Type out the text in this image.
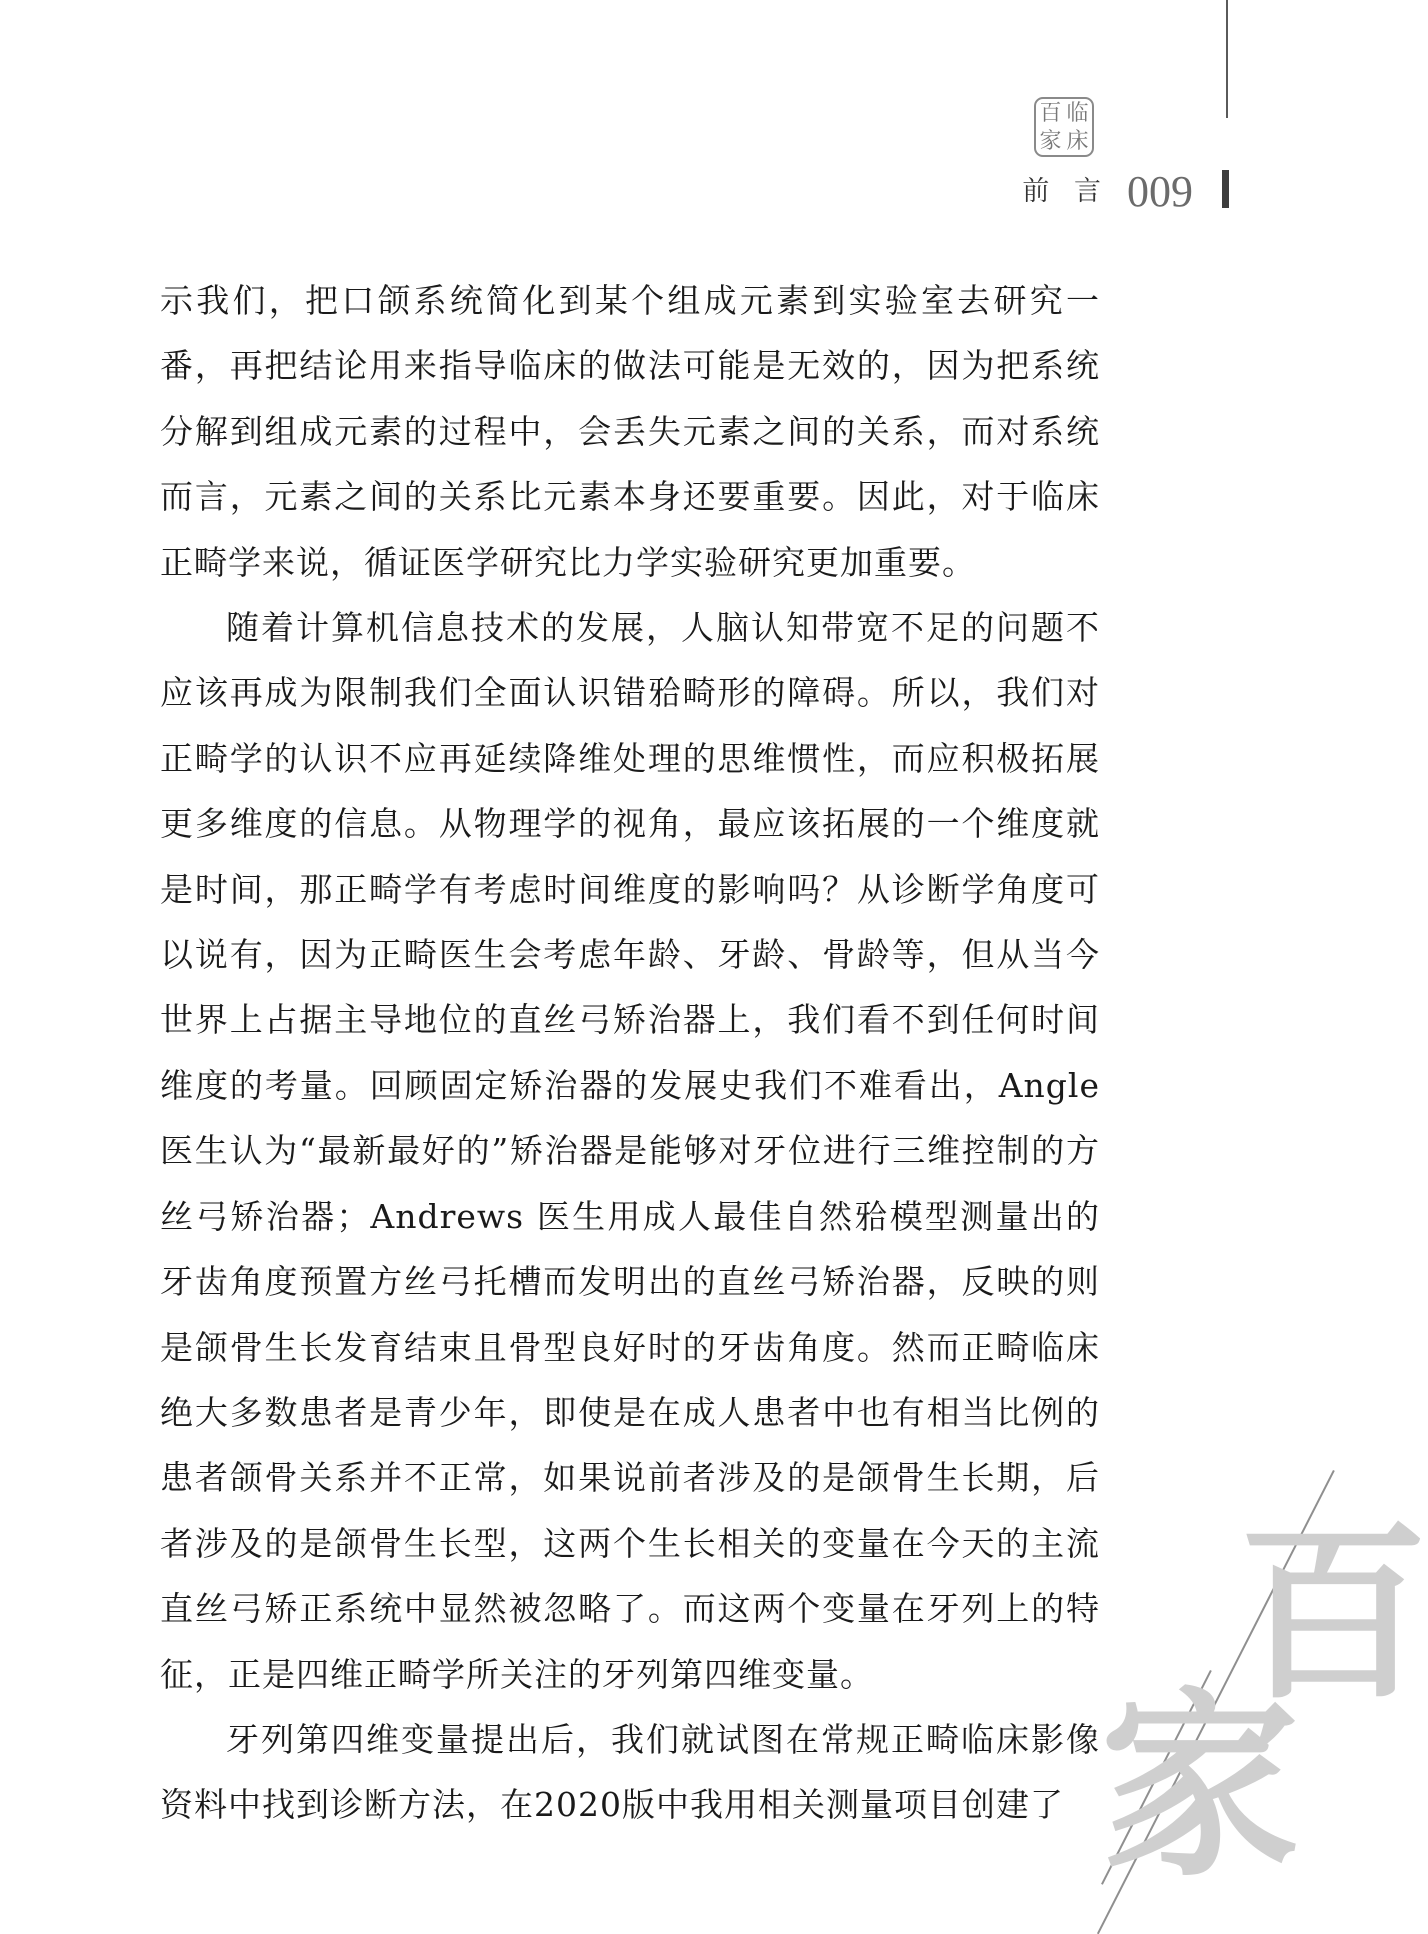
百 临
家 床
前 言 009

示我们，把口颌系统简化到某个组成元素到实验室去研究一番，再把结论用来指导临床的做法可能是无效的，因为把系统分解到组成元素的过程中，会丢失元素之间的关系，而对系统而言，元素之间的关系比元素本身还要重要。因此，对于临床正畸学来说，循证医学研究比力学实验研究更加重要。

随着计算机信息技术的发展，人脑认知带宽不足的问题不应该再成为限制我们全面认识错𬌗畸形的障碍。所以，我们对正畸学的认识不应再延续降维处理的思维惯性，而应积极拓展更多维度的信息。从物理学的视角，最应该拓展的一个维度就是时间，那正畸学有考虑时间维度的影响吗？从诊断学角度可以说有，因为正畸医生会考虑年龄、牙龄、骨龄等，但从当今世界上占据主导地位的直丝弓矫治器上，我们看不到任何时间维度的考量。回顾固定矫治器的发展史我们不难看出，Angle医生认为“最新最好的”矫治器是能够对牙位进行三维控制的方丝弓矫治器；Andrews 医生用成人最佳自然𬌗模型测量出的牙齿角度预置方丝弓托槽而发明出的直丝弓矫治器，反映的则是颌骨生长发育结束且骨型良好时的牙齿角度。然而正畸临床绝大多数患者是青少年，即使是在成人患者中也有相当比例的患者颌骨关系并不正常，如果说前者涉及的是颌骨生长期，后者涉及的是颌骨生长型，这两个生长相关的变量在今天的主流直丝弓矫正系统中显然被忽略了。而这两个变量在牙列上的特征，正是四维正畸学所关注的牙列第四维变量。

牙列第四维变量提出后，我们就试图在常规正畸临床影像资料中找到诊断方法，在2020版中我用相关测量项目创建了

百
家
